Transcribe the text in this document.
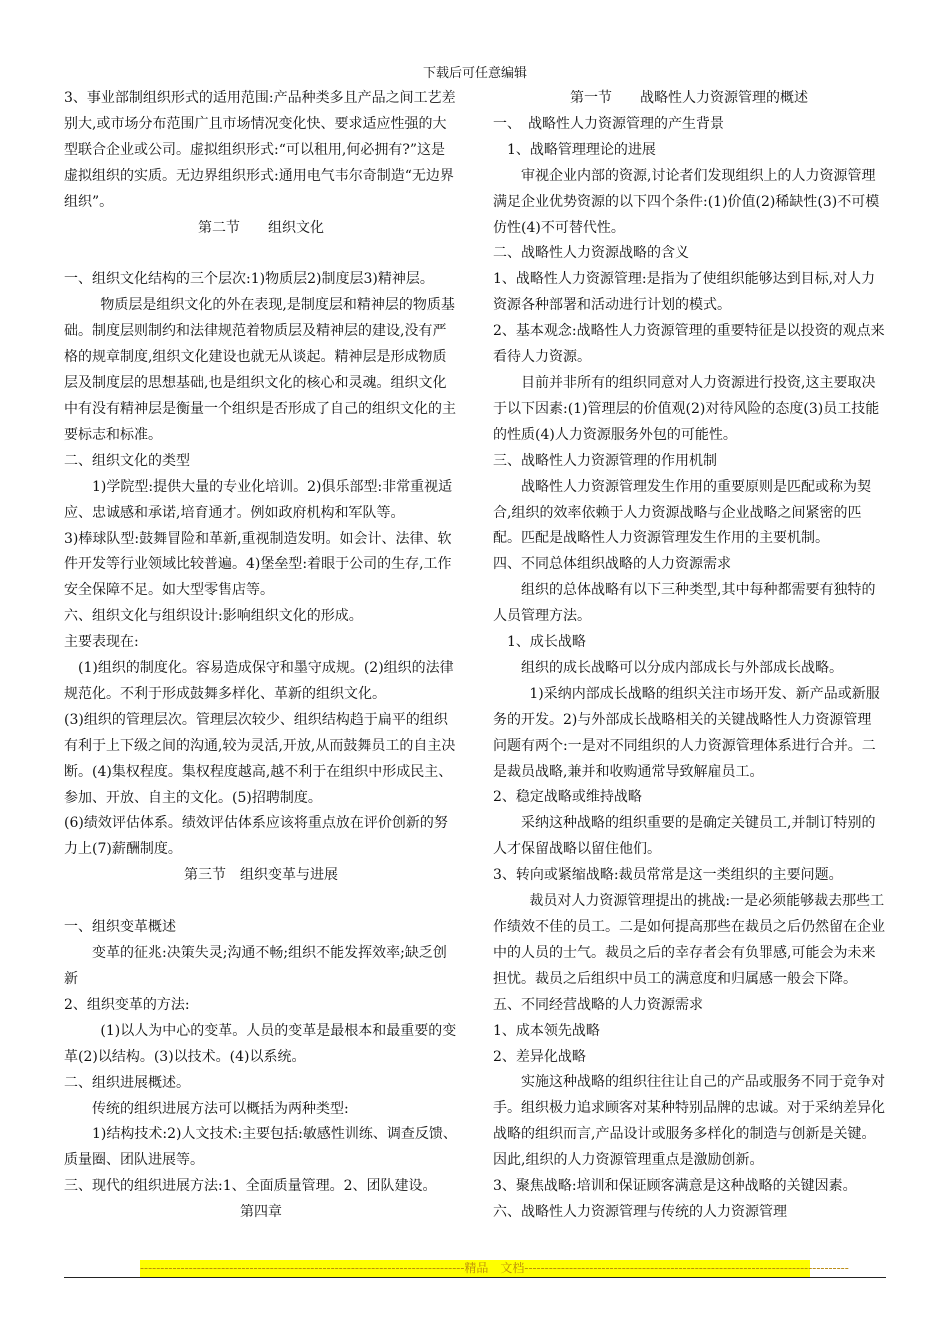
下载后可任意编辑

3、事业部制组织形式的适用范围:产品种类多且产品之间工艺差别大,或市场分布范围广且市场情况变化快、要求适应性强的大型联合企业或公司。虚拟组织形式:“可以租用,何必拥有?”这是虚拟组织的实质。无边界组织形式:通用电气韦尔奇制造“无边界组织”。

第二节　　组织文化

一、组织文化结构的三个层次:1)物质层2)制度层3)精神层。

物质层是组织文化的外在表现,是制度层和精神层的物质基础。制度层则制约和法律规范着物质层及精神层的建设,没有严格的规章制度,组织文化建设也就无从谈起。精神层是形成物质层及制度层的思想基础,也是组织文化的核心和灵魂。组织文化中有没有精神层是衡量一个组织是否形成了自己的组织文化的主要标志和标准。

二、组织文化的类型

1)学院型:提供大量的专业化培训。2)俱乐部型:非常重视适应、忠诚感和承诺,培育通才。例如政府机构和军队等。

3)棒球队型:鼓舞冒险和革新,重视制造发明。如会计、法律、软件开发等行业领域比较普遍。4)堡垒型:着眼于公司的生存,工作安全保障不足。如大型零售店等。

六、组织文化与组织设计:影响组织文化的形成。

主要表现在:

(1)组织的制度化。容易造成保守和墨守成规。(2)组织的法律规范化。不利于形成鼓舞多样化、革新的组织文化。

(3)组织的管理层次。管理层次较少、组织结构趋于扁平的组织有利于上下级之间的沟通,较为灵活,开放,从而鼓舞员工的自主决断。(4)集权程度。集权程度越高,越不利于在组织中形成民主、参加、开放、自主的文化。(5)招聘制度。

(6)绩效评估体系。绩效评估体系应该将重点放在评价创新的努力上(7)薪酬制度。

第三节　组织变革与进展

一、组织变革概述

变革的征兆:决策失灵;沟通不畅;组织不能发挥效率;缺乏创新

2、组织变革的方法:

(1)以人为中心的变革。人员的变革是最根本和最重要的变革(2)以结构。(3)以技术。(4)以系统。

二、组织进展概述。

传统的组织进展方法可以概括为两种类型:

1)结构技术:2)人文技术:主要包括:敏感性训练、调查反馈、质量圈、团队进展等。

三、现代的组织进展方法:1、全面质量管理。2、团队建设。

第四章

第一节　　战略性人力资源管理的概述

一、　战略性人力资源管理的产生背景

1、战略管理理论的进展

审视企业内部的资源,讨论者们发现组织上的人力资源管理满足企业优势资源的以下四个条件:(1)价值(2)稀缺性(3)不可模仿性(4)不可替代性。

二、战略性人力资源战略的含义

1、战略性人力资源管理:是指为了使组织能够达到目标,对人力资源各种部署和活动进行计划的模式。

2、基本观念:战略性人力资源管理的重要特征是以投资的观点来看待人力资源。

目前并非所有的组织同意对人力资源进行投资,这主要取决于以下因素:(1)管理层的价值观(2)对待风险的态度(3)员工技能的性质(4)人力资源服务外包的可能性。

三、战略性人力资源管理的作用机制

战略性人力资源管理发生作用的重要原则是匹配或称为契合,组织的效率依赖于人力资源战略与企业战略之间紧密的匹配。匹配是战略性人力资源管理发生作用的主要机制。

四、不同总体组织战略的人力资源需求

组织的总体战略有以下三种类型,其中每种都需要有独特的人员管理方法。

1、成长战略

组织的成长战略可以分成内部成长与外部成长战略。

1)采纳内部成长战略的组织关注市场开发、新产品或新服务的开发。2)与外部成长战略相关的关键战略性人力资源管理问题有两个:一是对不同组织的人力资源管理体系进行合并。二是裁员战略,兼并和收购通常导致解雇员工。

2、稳定战略或维持战略

采纳这种战略的组织重要的是确定关键员工,并制订特别的人才保留战略以留住他们。

3、转向或紧缩战略:裁员常常是这一类组织的主要问题。

裁员对人力资源管理提出的挑战:一是必须能够裁去那些工作绩效不佳的员工。二是如何提高那些在裁员之后仍然留在企业中的人员的士气。裁员之后的幸存者会有负罪感,可能会为未来担忧。裁员之后组织中员工的满意度和归属感一般会下降。

五、不同经营战略的人力资源需求

1、成本领先战略

2、差异化战略

实施这种战略的组织往往让自己的产品或服务不同于竞争对手。组织极力追求顾客对某种特别品牌的忠诚。对于采纳差异化战略的组织而言,产品设计或服务多样化的制造与创新是关键。因此,组织的人力资源管理重点是激励创新。

3、聚焦战略:培训和保证顾客满意是这种战略的关键因素。

六、战略性人力资源管理与传统的人力资源管理

--------------------------------------------------------------------------------精品　文档--------------------------------------------------------------------------------
